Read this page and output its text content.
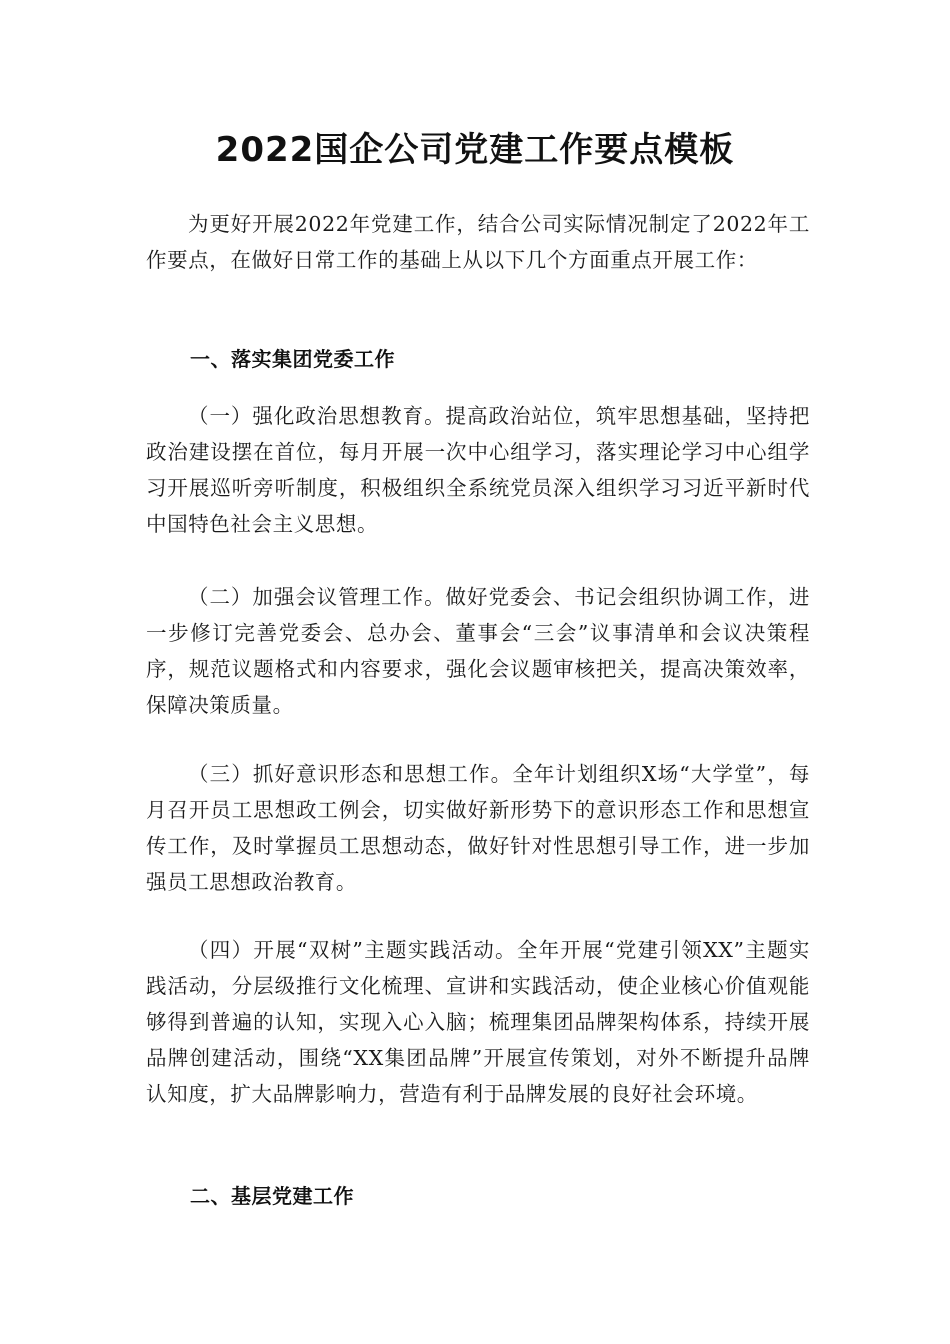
2022国企公司党建工作要点模板
为更好开展2022年党建工作，结合公司实际情况制定了2022年工作要点，在做好日常工作的基础上从以下几个方面重点开展工作：
一、落实集团党委工作
（一）强化政治思想教育。提高政治站位，筑牢思想基础，坚持把政治建设摆在首位，每月开展一次中心组学习，落实理论学习中心组学习开展巡听旁听制度，积极组织全系统党员深入组织学习习近平新时代中国特色社会主义思想。
（二）加强会议管理工作。做好党委会、书记会组织协调工作，进一步修订完善党委会、总办会、董事会“三会”议事清单和会议决策程序，规范议题格式和内容要求，强化会议题审核把关，提高决策效率，保障决策质量。
（三）抓好意识形态和思想工作。全年计划组织X场“大学堂”，每月召开员工思想政工例会，切实做好新形势下的意识形态工作和思想宣传工作，及时掌握员工思想动态，做好针对性思想引导工作，进一步加强员工思想政治教育。
（四）开展“双树”主题实践活动。全年开展“党建引领XX”主题实践活动，分层级推行文化梳理、宣讲和实践活动，使企业核心价值观能够得到普遍的认知，实现入心入脑；梳理集团品牌架构体系，持续开展品牌创建活动，围绕“XX集团品牌”开展宣传策划，对外不断提升品牌认知度，扩大品牌影响力，营造有利于品牌发展的良好社会环境。
二、基层党建工作
